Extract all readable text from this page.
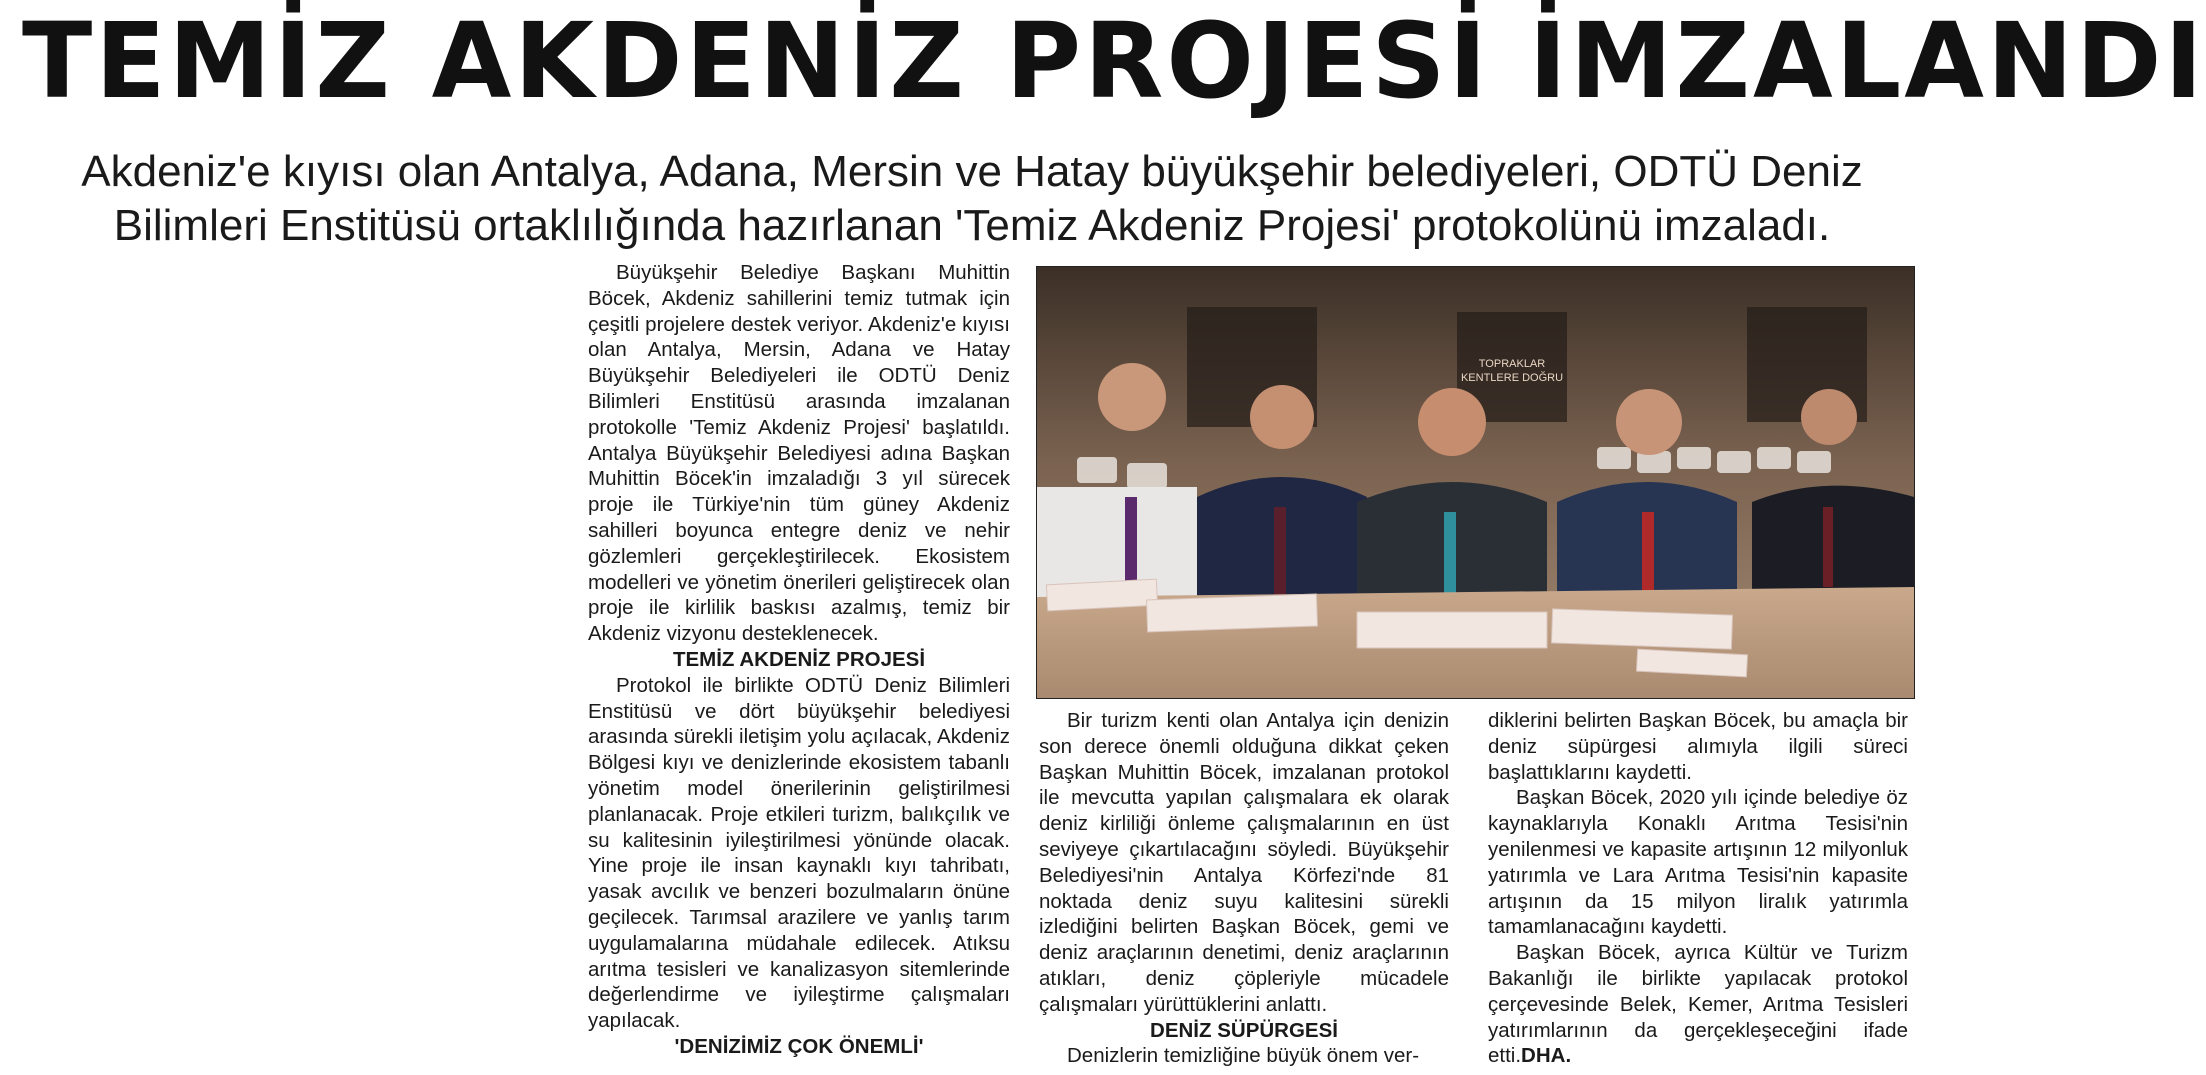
TEMİZ AKDENİZ PROJESİ İMZALANDI
Akdeniz'e kıyısı olan Antalya, Adana, Mersin ve Hatay büyükşehir belediyeleri, ODTÜ Deniz Bilimleri Enstitüsü ortaklılığında hazırlanan 'Temiz Akdeniz Projesi' protokolünü imzaladı.

Büyükşehir Belediye Başkanı Muhittin Böcek, Akdeniz sahillerini temiz tutmak için çeşitli projelere destek veriyor. Akdeniz'e kıyısı olan Antalya, Mersin, Adana ve Hatay Büyükşehir Belediyeleri ile ODTÜ Deniz Bilimleri Enstitüsü arasında imzalanan protokolle 'Temiz Akdeniz Projesi' başlatıldı. Antalya Büyükşehir Belediyesi adına Başkan Muhittin Böcek'in imzaladığı 3 yıl sürecek proje ile Türkiye'nin tüm güney Akdeniz sahilleri boyunca entegre deniz ve nehir gözlemleri gerçekleştirilecek. Ekosistem modelleri ve yönetim önerileri geliştirecek olan proje ile kirlilik baskısı azalmış, temiz bir Akdeniz vizyonu desteklenecek.

TEMİZ AKDENİZ PROJESİ

Protokol ile birlikte ODTÜ Deniz Bilimleri Enstitüsü ve dört büyükşehir belediyesi arasında sürekli iletişim yolu açılacak, Akdeniz Bölgesi kıyı ve denizlerinde ekosistem tabanlı yönetim model önerilerinin geliştirilmesi planlanacak. Proje etkileri turizm, balıkçılık ve su kalitesinin iyileştirilmesi yönünde olacak. Yine proje ile insan kaynaklı kıyı tahribatı, yasak avcılık ve benzeri bozulmaların önüne geçilecek. Tarımsal arazilere ve yanlış tarım uygulamalarına müdahale edilecek. Atıksu arıtma tesisleri ve kanalizasyon sitemlerinde değerlendirme ve iyileştirme çalışmaları yapılacak.

'DENİZİMİZ ÇOK ÖNEMLİ'
TOPRAKLAR
KENTLERE DOĞRU

Bir turizm kenti olan Antalya için denizin son derece önemli olduğuna dikkat çeken Başkan Muhittin Böcek, imzalanan protokol ile mevcutta yapılan çalışmalara ek olarak deniz kirliliği önleme çalışmalarının en üst seviyeye çıkartılacağını söyledi. Büyükşehir Belediyesi'nin Antalya Körfezi'nde 81 noktada deniz suyu kalitesini sürekli izlediğini belirten Başkan Böcek, gemi ve deniz araçlarının denetimi, deniz araçlarının atıkları, deniz çöpleriyle mücadele çalışmaları yürüttüklerini anlattı.

DENİZ SÜPÜRGESİ

Denizlerin temizliğine büyük önem ver-

diklerini belirten Başkan Böcek, bu amaçla bir deniz süpürgesi alımıyla ilgili süreci başlattıklarını kaydetti.

Başkan Böcek, 2020 yılı içinde belediye öz kaynaklarıyla Konaklı Arıtma Tesisi'nin yenilenmesi ve kapasite artışının 12 milyonluk yatırımla ve Lara Arıtma Tesisi'nin kapasite artışının da 15 milyon liralık yatırımla tamamlanacağını kaydetti.

Başkan Böcek, ayrıca Kültür ve Turizm Bakanlığı ile birlikte yapılacak protokol çerçevesinde Belek, Kemer, Arıtma Tesisleri yatırımlarının da gerçekleşeceğini ifade etti.DHA.
